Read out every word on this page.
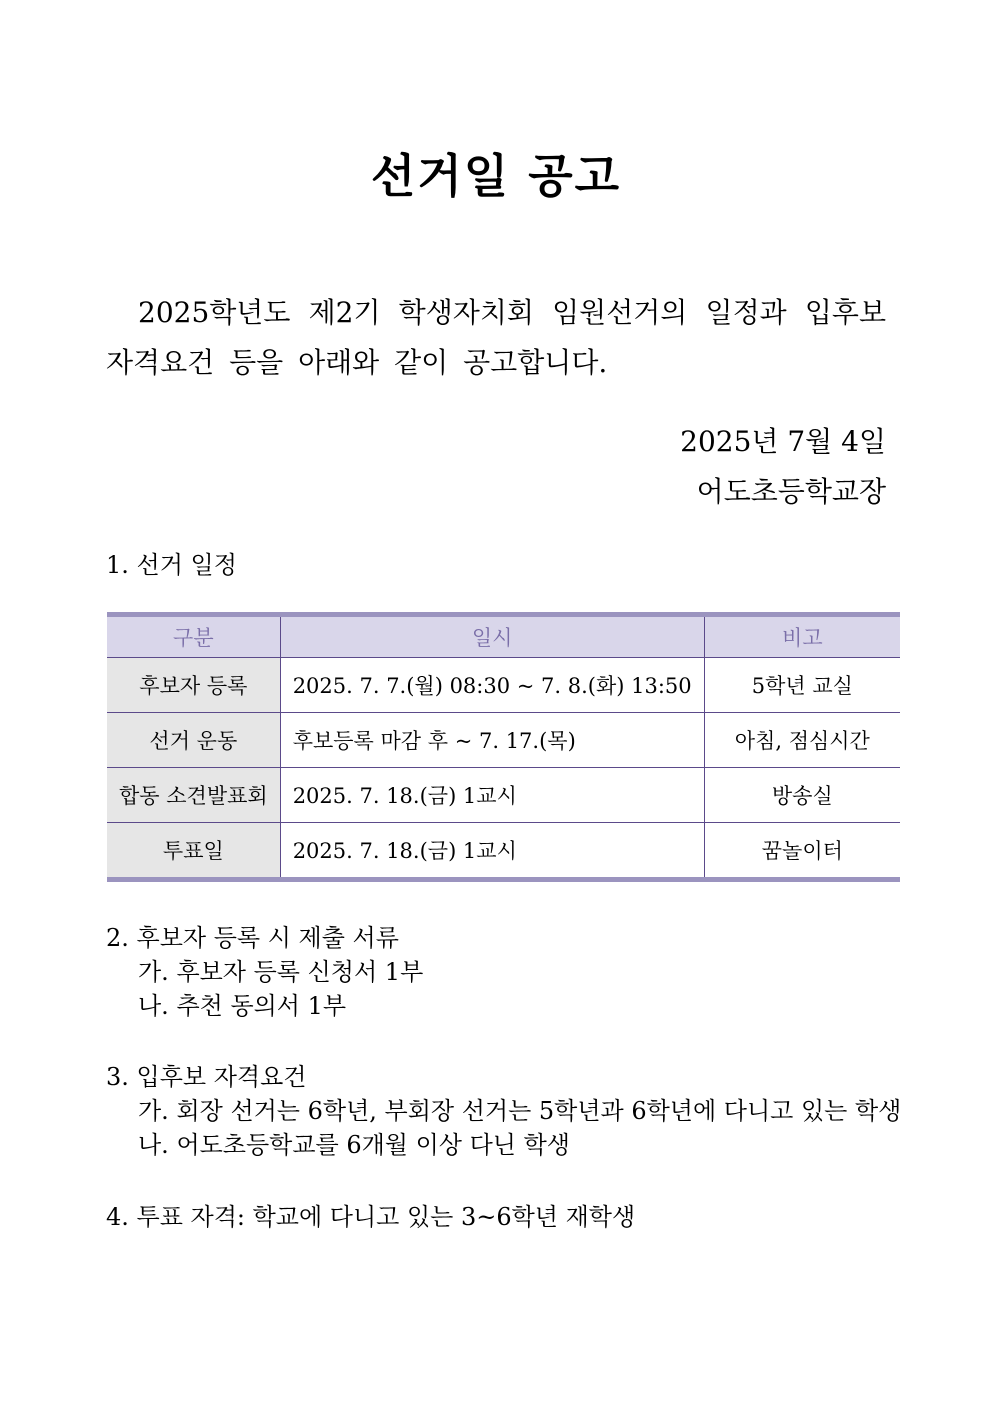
선거일 공고
2025학년도 제2기 학생자치회 임원선거의 일정과 입후보 자격요건 등을 아래와 같이 공고합니다.
2025년 7월 4일
어도초등학교장
1. 선거 일정
구분	일시	비고
후보자 등록	2025. 7. 7.(월) 08:30 ~ 7. 8.(화) 13:50	5학년 교실
선거 운동	후보등록 마감 후 ~ 7. 17.(목)	아침, 점심시간
합동 소견발표회	2025. 7. 18.(금) 1교시	방송실
투표일	2025. 7. 18.(금) 1교시	꿈놀이터
2. 후보자 등록 시 제출 서류
가. 후보자 등록 신청서 1부
나. 추천 동의서 1부
3. 입후보 자격요건
가. 회장 선거는 6학년, 부회장 선거는 5학년과 6학년에 다니고 있는 학생
나. 어도초등학교를 6개월 이상 다닌 학생
4. 투표 자격: 학교에 다니고 있는 3~6학년 재학생
